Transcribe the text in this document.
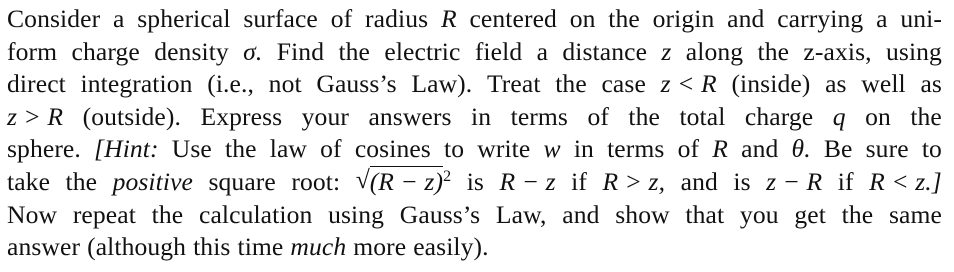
Consider a spherical surface of radius R centered on the origin and carrying a uni-
form charge density σ. Find the electric field a distance z along the z-axis, using
direct integration (i.e., not Gauss’s Law). Treat the case z < R (inside) as well as
z > R (outside). Express your answers in terms of the total charge q on the
sphere. [Hint: Use the law of cosines to write w in terms of R and θ. Be sure to
take the positive square root: √ $(R - z)^2$ is R − z if R > z, and is z − R if R < z.]
Now repeat the calculation using Gauss’s Law, and show that you get the same
answer (although this time much more easily).
